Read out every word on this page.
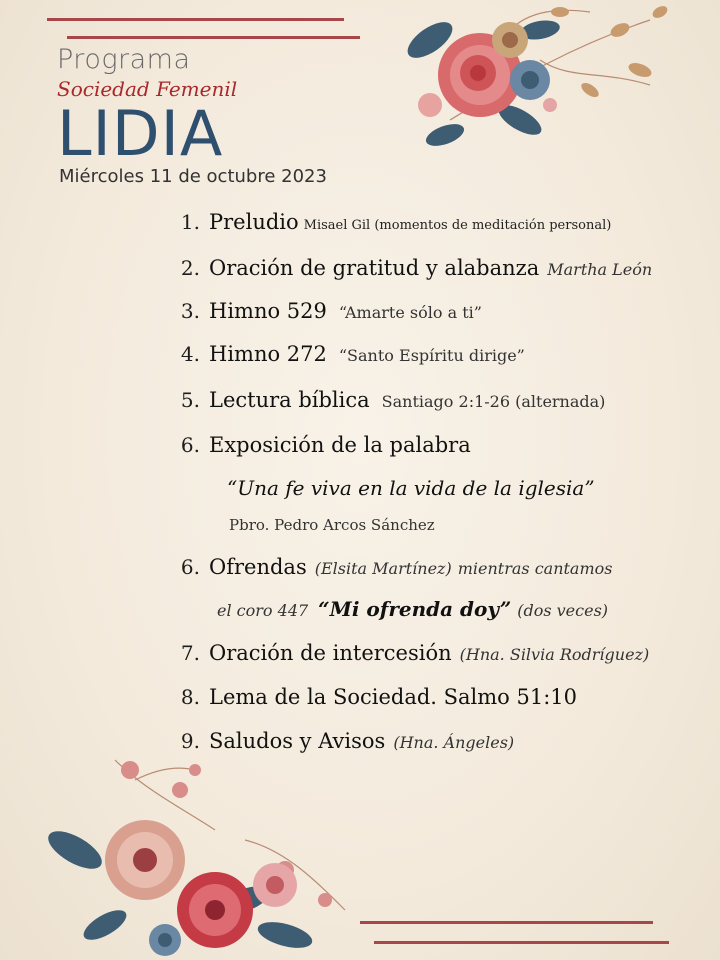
Programa
Sociedad Femenil
LIDIA
Miércoles 11 de octubre 2023
1. Preludio Misael Gil (momentos de meditación personal)
2. Oración de gratitud y alabanza Martha León
3. Himno 529 “Amarte sólo a ti”
4. Himno 272 “Santo Espíritu dirige”
5. Lectura bíblica Santiago 2:1-26 (alternada)
6. Exposición de la palabra
“Una fe viva en la vida de la iglesia”
Pbro. Pedro Arcos Sánchez
6. Ofrendas (Elsita Martínez) mientras cantamos
el coro 447 “Mi ofrenda doy” (dos veces)
7. Oración de intercesión (Hna. Silvia Rodríguez)
8. Lema de la Sociedad. Salmo 51:10
9. Saludos y Avisos (Hna. Ángeles)
